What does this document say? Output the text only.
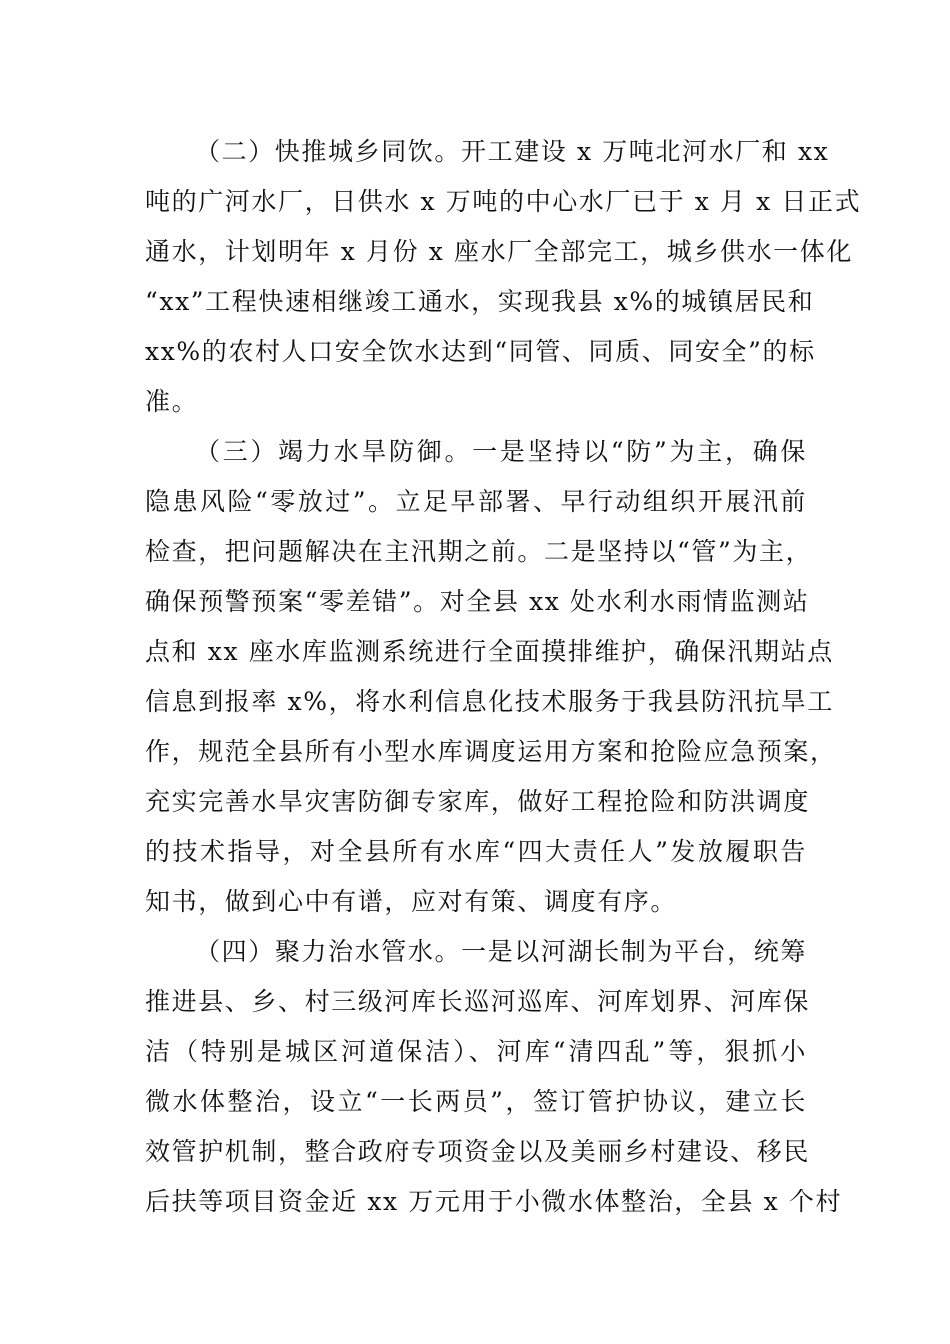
（二）快推城乡同饮。开工建设 x 万吨北河水厂和 xx
吨的广河水厂，日供水 x 万吨的中心水厂已于 x 月 x 日正式
通水，计划明年 x 月份 x 座水厂全部完工，城乡供水一体化
“xx”工程快速相继竣工通水，实现我县 x%的城镇居民和
xx%的农村人口安全饮水达到“同管、同质、同安全”的标
准。

（三）竭力水旱防御。一是坚持以“防”为主，确保
隐患风险“零放过”。立足早部署、早行动组织开展汛前
检查，把问题解决在主汛期之前。二是坚持以“管”为主，
确保预警预案“零差错”。对全县 xx 处水利水雨情监测站
点和 xx 座水库监测系统进行全面摸排维护，确保汛期站点
信息到报率 x%，将水利信息化技术服务于我县防汛抗旱工
作，规范全县所有小型水库调度运用方案和抢险应急预案，
充实完善水旱灾害防御专家库，做好工程抢险和防洪调度
的技术指导，对全县所有水库“四大责任人”发放履职告
知书，做到心中有谱，应对有策、调度有序。

（四）聚力治水管水。一是以河湖长制为平台，统筹
推进县、乡、村三级河库长巡河巡库、河库划界、河库保
洁（特别是城区河道保洁）、河库“清四乱”等，狠抓小
微水体整治，设立“一长两员”，签订管护协议，建立长
效管护机制，整合政府专项资金以及美丽乡村建设、移民
后扶等项目资金近 xx 万元用于小微水体整治，全县 x 个村
